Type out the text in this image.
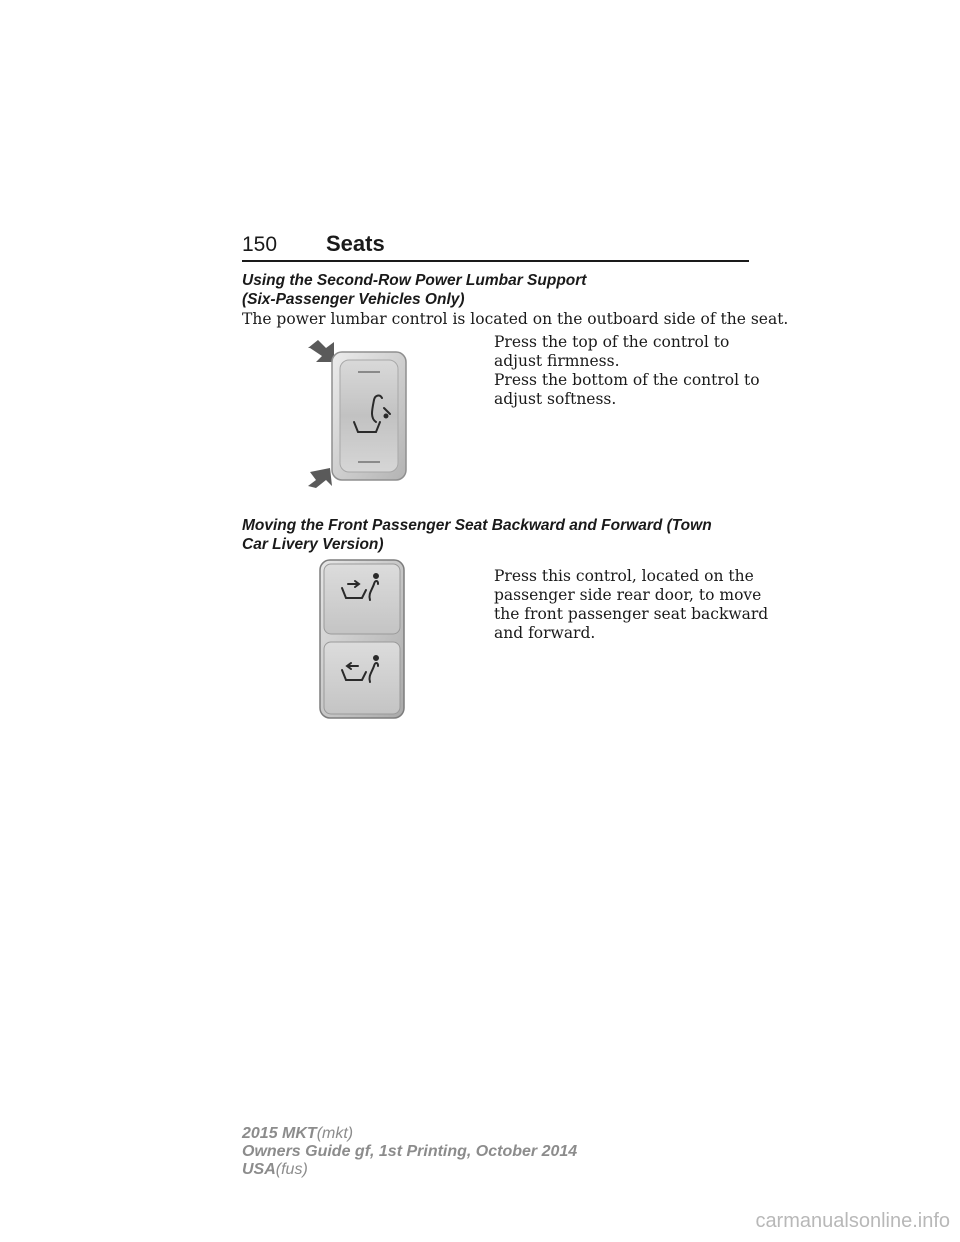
150 Seats
Using the Second-Row Power Lumbar Support
(Six-Passenger Vehicles Only)

The power lumbar control is located on the outboard side of the seat.

Press the top of the control to
adjust firmness.
Press the bottom of the control to
adjust softness.
Moving the Front Passenger Seat Backward and Forward (Town
Car Livery Version)
Press this control, located on the
passenger side rear door, to move
the front passenger seat backward
and forward.
2015 MKT(mkt)
Owners Guide gf, 1st Printing, October 2014
USA(fus)
carmanualsonline.info
